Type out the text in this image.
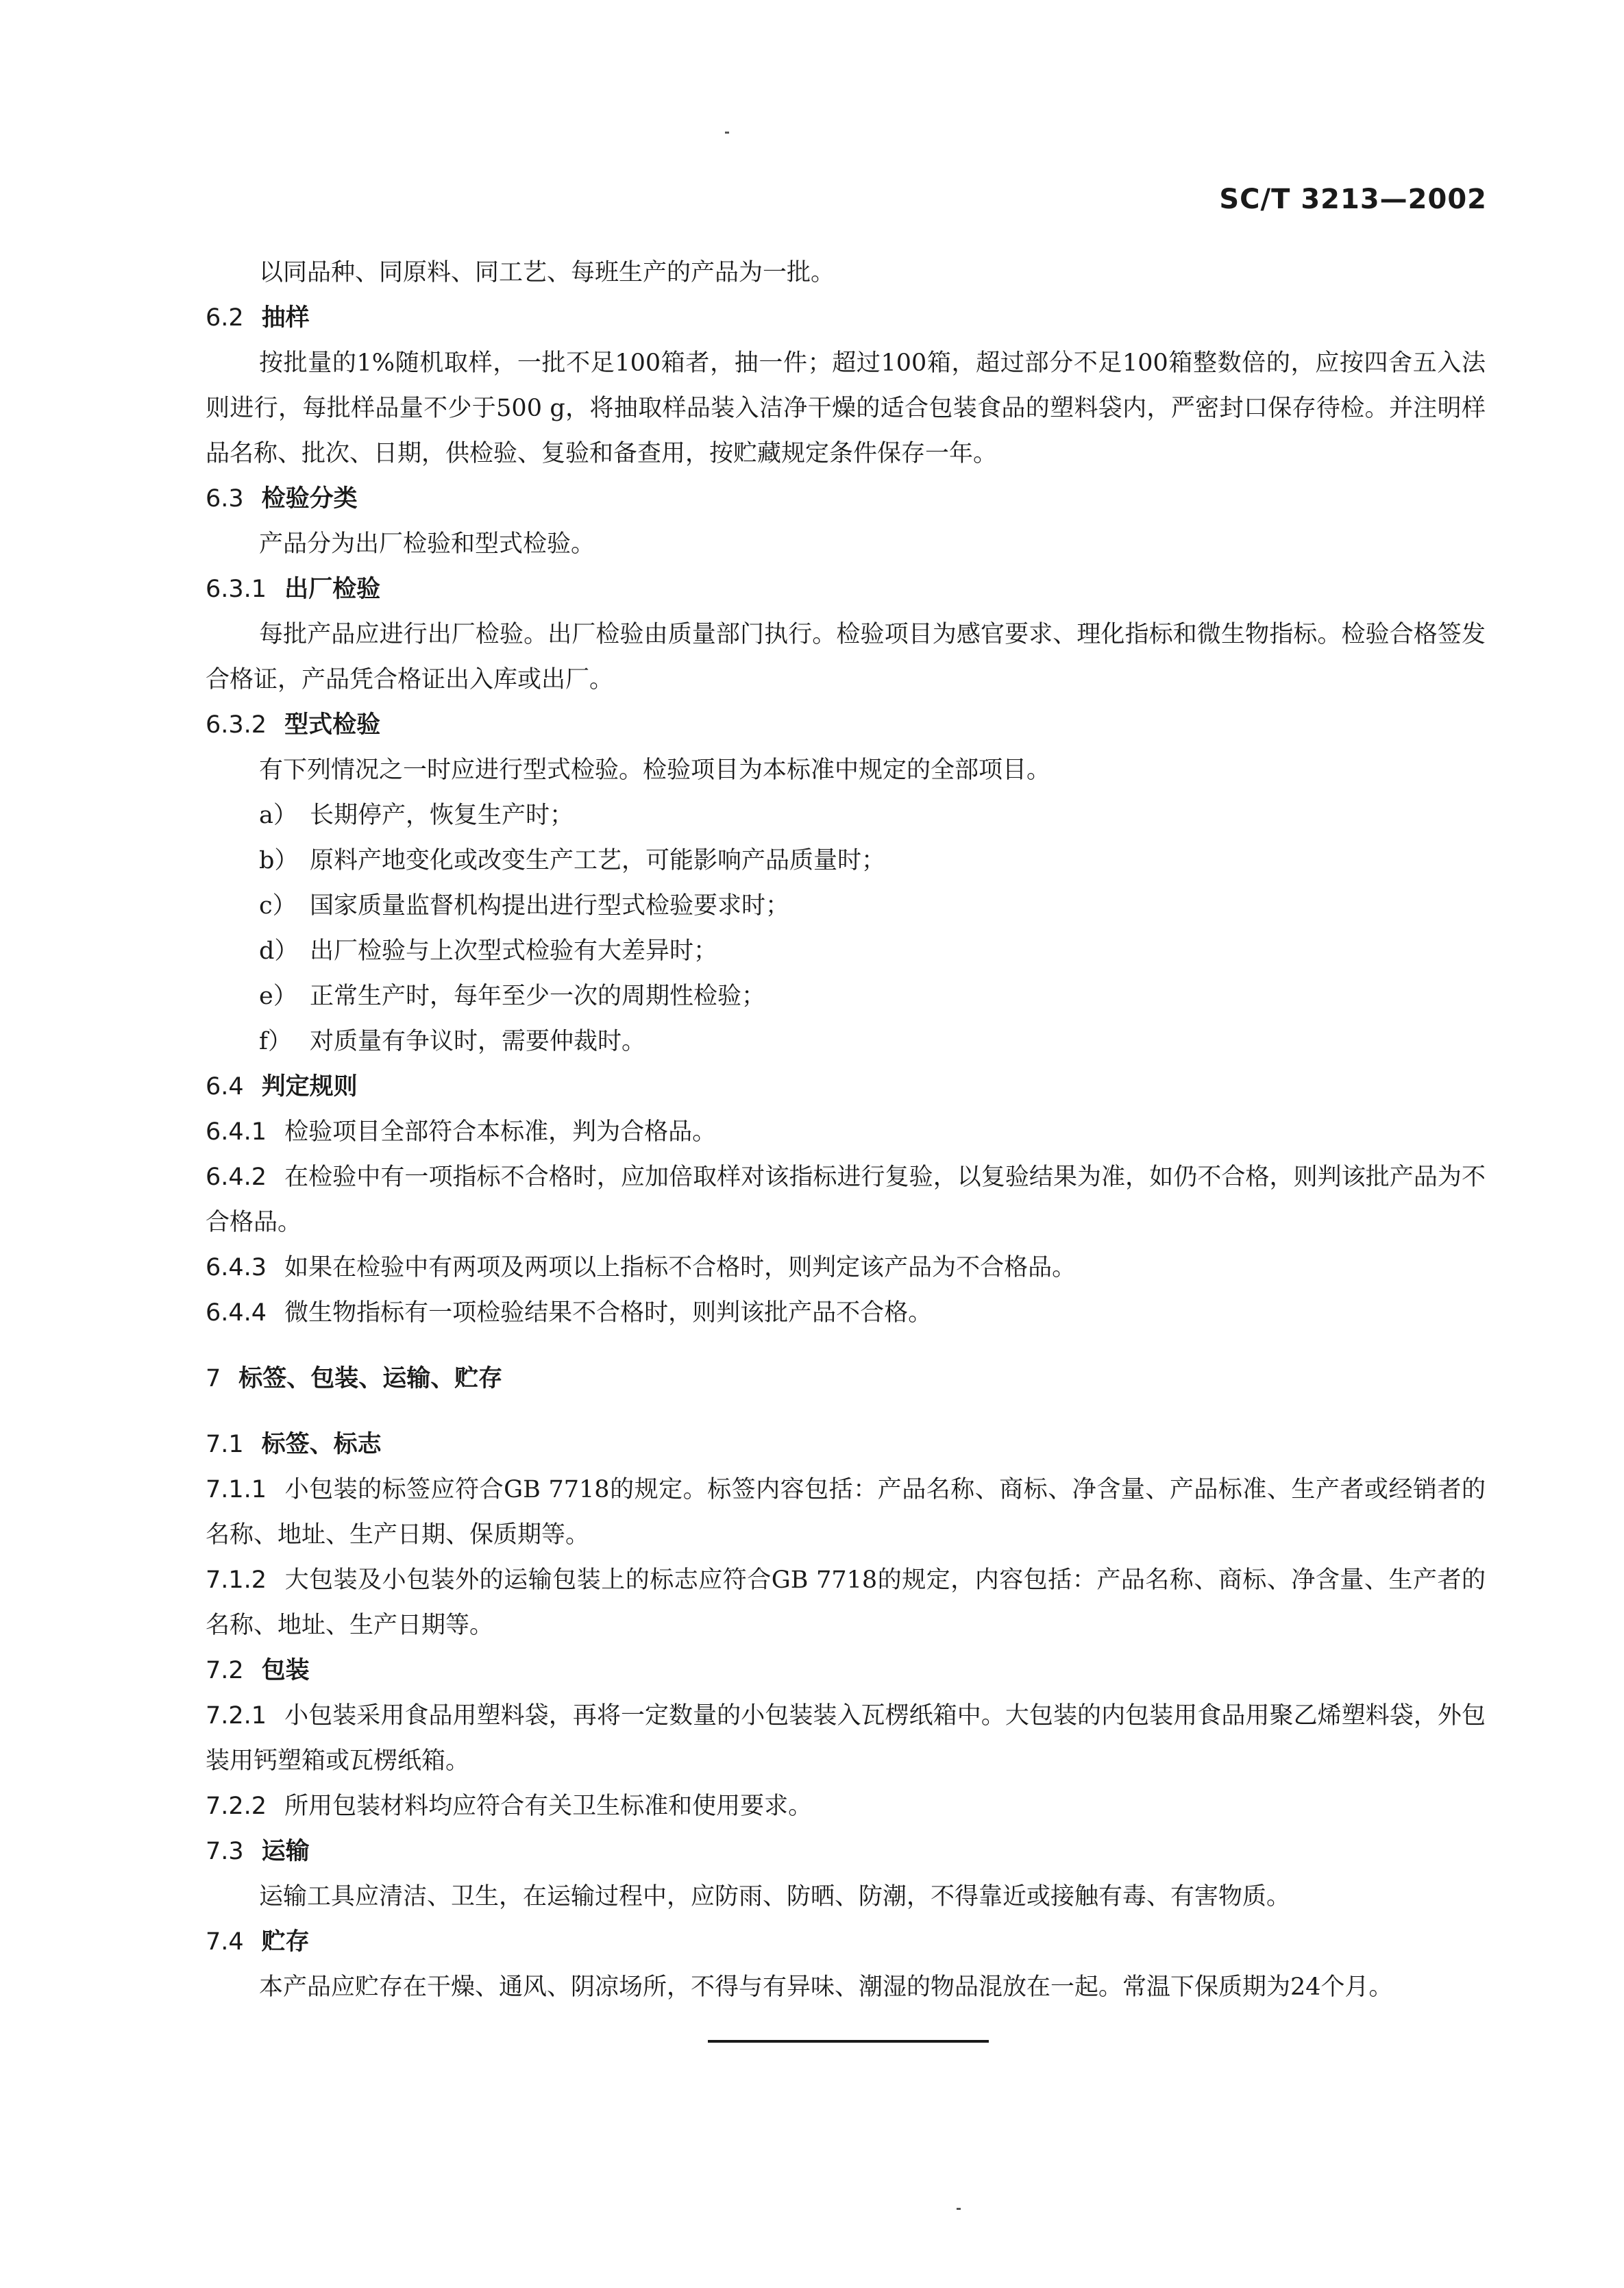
SC/T 3213—2002
以同品种、同原料、同工艺、每班生产的产品为一批。
6.2 抽样
按批量的1%随机取样，一批不足100箱者，抽一件；超过100箱，超过部分不足100箱整数倍的，应按四舍五入法则进行，每批样品量不少于500 g，将抽取样品装入洁净干燥的适合包装食品的塑料袋内，严密封口保存待检。并注明样品名称、批次、日期，供检验、复验和备查用，按贮藏规定条件保存一年。
6.3 检验分类
产品分为出厂检验和型式检验。
6.3.1 出厂检验
每批产品应进行出厂检验。出厂检验由质量部门执行。检验项目为感官要求、理化指标和微生物指标。检验合格签发合格证，产品凭合格证出入库或出厂。
6.3.2 型式检验
有下列情况之一时应进行型式检验。检验项目为本标准中规定的全部项目。
a） 长期停产，恢复生产时；
b） 原料产地变化或改变生产工艺，可能影响产品质量时；
c） 国家质量监督机构提出进行型式检验要求时；
d） 出厂检验与上次型式检验有大差异时；
e） 正常生产时，每年至少一次的周期性检验；
f） 对质量有争议时，需要仲裁时。
6.4 判定规则
6.4.1 检验项目全部符合本标准，判为合格品。
6.4.2 在检验中有一项指标不合格时，应加倍取样对该指标进行复验，以复验结果为准，如仍不合格，则判该批产品为不合格品。
6.4.3 如果在检验中有两项及两项以上指标不合格时，则判定该产品为不合格品。
6.4.4 微生物指标有一项检验结果不合格时，则判该批产品不合格。
7 标签、包装、运输、贮存
7.1 标签、标志
7.1.1 小包装的标签应符合GB 7718的规定。标签内容包括：产品名称、商标、净含量、产品标准、生产者或经销者的名称、地址、生产日期、保质期等。
7.1.2 大包装及小包装外的运输包装上的标志应符合GB 7718的规定，内容包括：产品名称、商标、净含量、生产者的名称、地址、生产日期等。
7.2 包装
7.2.1 小包装采用食品用塑料袋，再将一定数量的小包装装入瓦楞纸箱中。大包装的内包装用食品用聚乙烯塑料袋，外包装用钙塑箱或瓦楞纸箱。
7.2.2 所用包装材料均应符合有关卫生标准和使用要求。
7.3 运输
运输工具应清洁、卫生，在运输过程中，应防雨、防晒、防潮，不得靠近或接触有毒、有害物质。
7.4 贮存
本产品应贮存在干燥、通风、阴凉场所，不得与有异味、潮湿的物品混放在一起。常温下保质期为24个月。
